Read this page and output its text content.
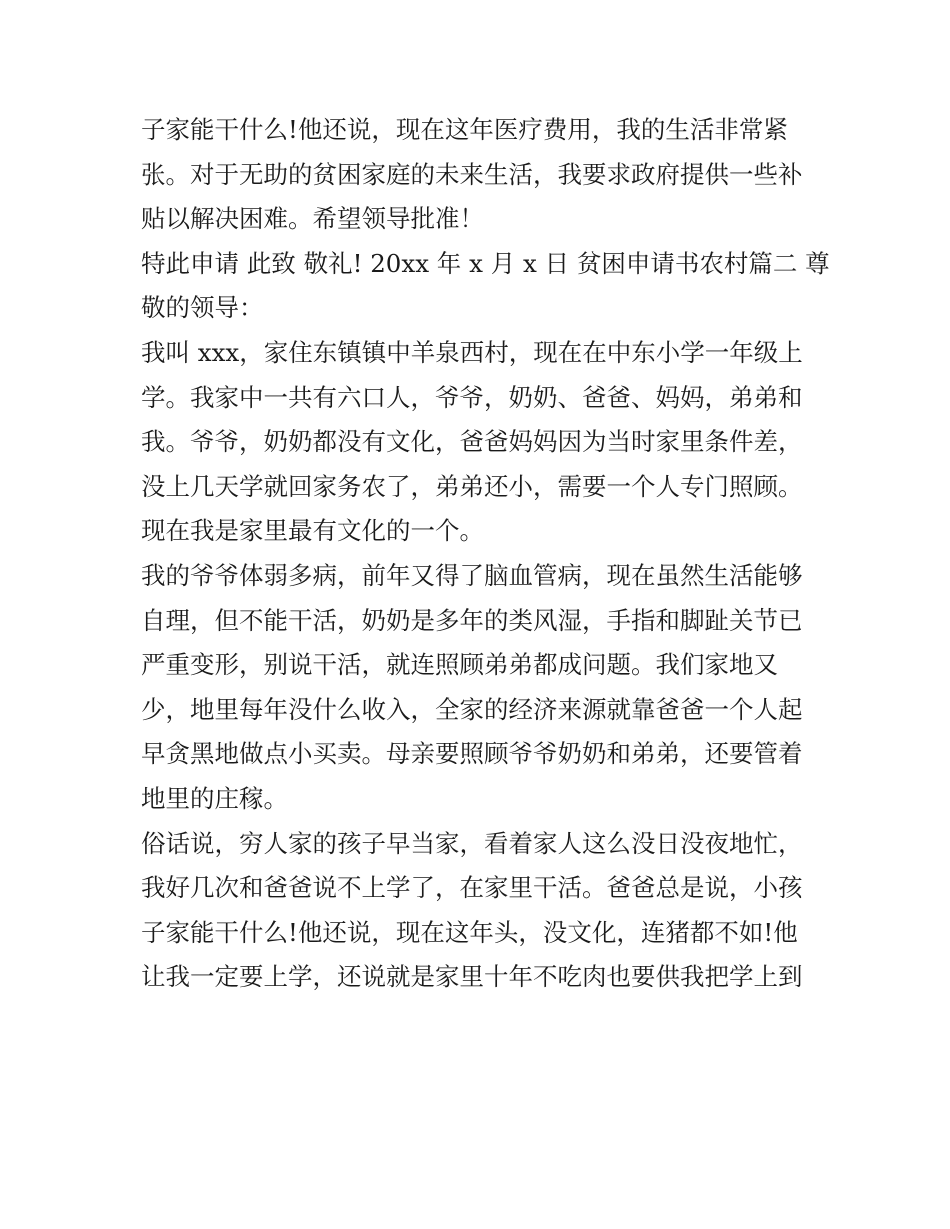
子家能干什么!他还说，现在这年医疗费用，我的生活非常紧
张。对于无助的贫困家庭的未来生活，我要求政府提供一些补
贴以解决困难。希望领导批准！
特此申请 此致 敬礼! 20xx 年 x 月 x 日 贫困申请书农村篇二 尊
敬的领导：
我叫 xxx，家住东镇镇中羊泉西村，现在在中东小学一年级上
学。我家中一共有六口人，爷爷，奶奶、爸爸、妈妈，弟弟和
我。爷爷，奶奶都没有文化，爸爸妈妈因为当时家里条件差，
没上几天学就回家务农了，弟弟还小，需要一个人专门照顾。
现在我是家里最有文化的一个。
我的爷爷体弱多病，前年又得了脑血管病，现在虽然生活能够
自理，但不能干活，奶奶是多年的类风湿，手指和脚趾关节已
严重变形，别说干活，就连照顾弟弟都成问题。我们家地又
少，地里每年没什么收入，全家的经济来源就靠爸爸一个人起
早贪黑地做点小买卖。母亲要照顾爷爷奶奶和弟弟，还要管着
地里的庄稼。
俗话说，穷人家的孩子早当家，看着家人这么没日没夜地忙，
我好几次和爸爸说不上学了，在家里干活。爸爸总是说，小孩
子家能干什么!他还说，现在这年头，没文化，连猪都不如!他
让我一定要上学，还说就是家里十年不吃肉也要供我把学上到
